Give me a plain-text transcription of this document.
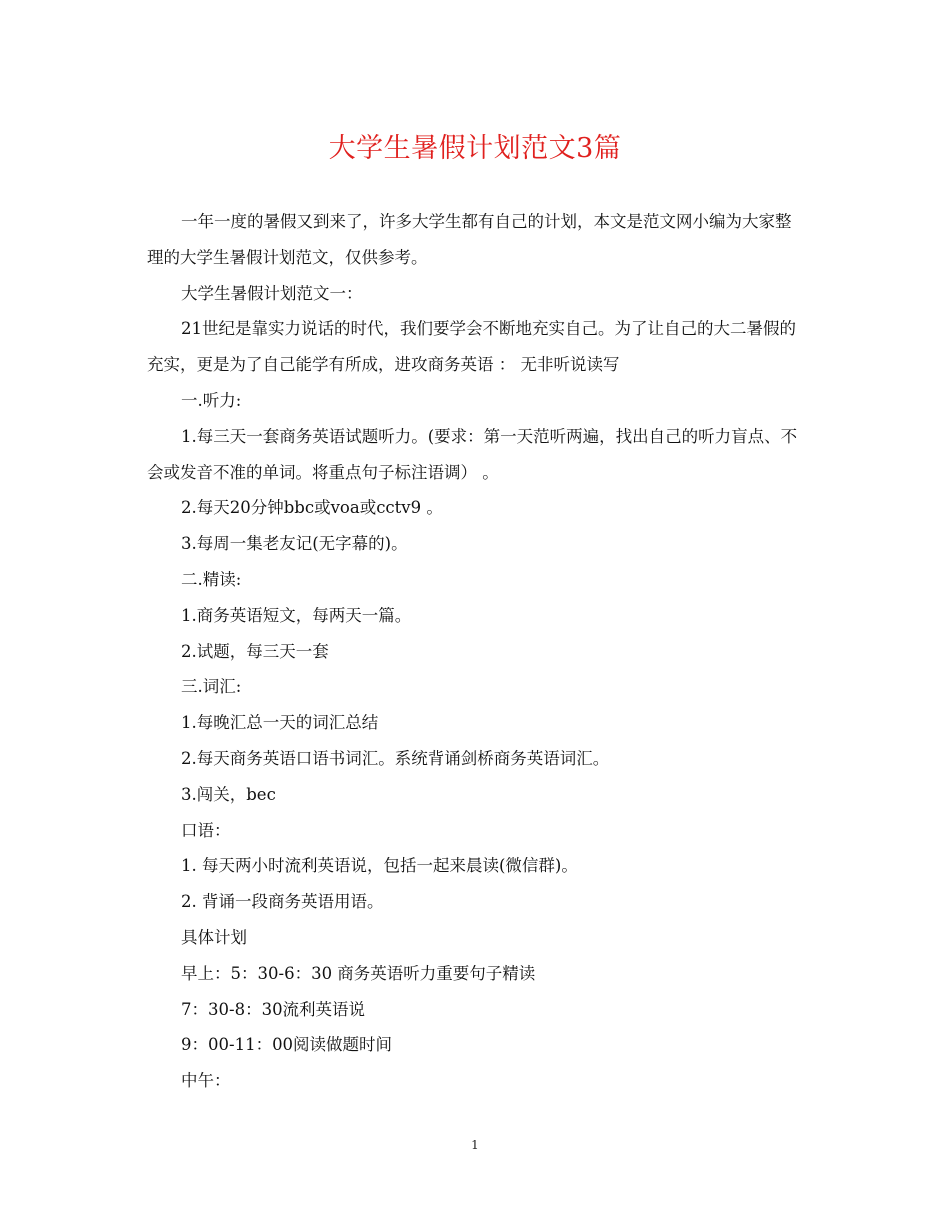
大学生暑假计划范文3篇

一年一度的暑假又到来了，许多大学生都有自己的计划，本文是范文网小编为大家整理的大学生暑假计划范文，仅供参考。

大学生暑假计划范文一：

21世纪是靠实力说话的时代，我们要学会不断地充实自己。为了让自己的大二暑假的充实，更是为了自己能学有所成，进攻商务英语 ： 无非听说读写

一.听力:

1.每三天一套商务英语试题听力。(要求：第一天范听两遍，找出自己的听力盲点、不会或发音不准的单词。将重点句子标注语调） 。

2.每天20分钟bbc或voa或cctv9 。

3.每周一集老友记(无字幕的)。

二.精读:

1.商务英语短文，每两天一篇。

2.试题，每三天一套

三.词汇:

1.每晚汇总一天的词汇总结

2.每天商务英语口语书词汇。系统背诵剑桥商务英语词汇。

3.闯关，bec

口语：

1. 每天两小时流利英语说，包括一起来晨读(微信群)。

2. 背诵一段商务英语用语。

具体计划

早上：5：30-6：30 商务英语听力重要句子精读

7：30-8：30流利英语说

9：00-11：00阅读做题时间

中午：

1
